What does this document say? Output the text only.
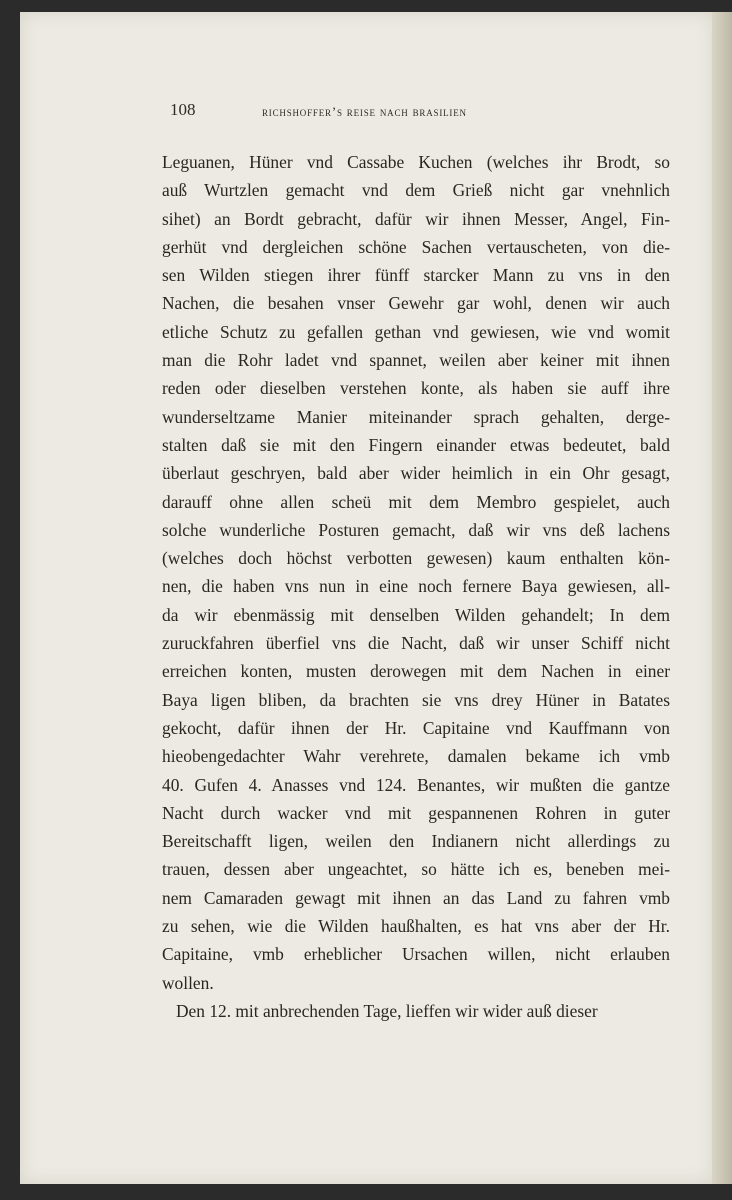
108	richshoffer’s reise nach brasilien
Leguanen, Hüner vnd Cassabe Kuchen (welches ihr Brodt, so
auß Wurtzlen gemacht vnd dem Grieß nicht gar vnehnlich
sihet) an Bordt gebracht, dafür wir ihnen Messer, Angel, Fin-
gerhüt vnd dergleichen schöne Sachen vertauscheten, von die-
sen Wilden stiegen ihrer fünff starcker Mann zu vns in den
Nachen, die besahen vnser Gewehr gar wohl, denen wir auch
etliche Schutz zu gefallen gethan vnd gewiesen, wie vnd womit
man die Rohr ladet vnd spannet, weilen aber keiner mit ihnen
reden oder dieselben verstehen konte, als haben sie auff ihre
wunderseltzame Manier miteinander sprach gehalten, derge-
stalten daß sie mit den Fingern einander etwas bedeutet, bald
überlaut geschryen, bald aber wider heimlich in ein Ohr gesagt,
darauff ohne allen scheü mit dem Membro gespielet, auch
solche wunderliche Posturen gemacht, daß wir vns deß lachens
(welches doch höchst verbotten gewesen) kaum enthalten kön-
nen, die haben vns nun in eine noch fernere Baya gewiesen, all-
da wir ebenmässig mit denselben Wilden gehandelt; In dem
zuruckfahren überfiel vns die Nacht, daß wir unser Schiff nicht
erreichen konten, musten derowegen mit dem Nachen in einer
Baya ligen bliben, da brachten sie vns drey Hüner in Batates
gekocht, dafür ihnen der Hr. Capitaine vnd Kauffmann von
hieobengedachter Wahr verehrete, damalen bekame ich vmb
40. Gufen 4. Anasses vnd 124. Benantes, wir mußten die gantze
Nacht durch wacker vnd mit gespannenen Rohren in guter
Bereitschafft ligen, weilen den Indianern nicht allerdings zu
trauen, dessen aber ungeachtet, so hätte ich es, beneben mei-
nem Camaraden gewagt mit ihnen an das Land zu fahren vmb
zu sehen, wie die Wilden haußhalten, es hat vns aber der Hr.
Capitaine, vmb erheblicher Ursachen willen, nicht erlauben
wollen.
Den 12. mit anbrechenden Tage, lieffen wir wider auß dieser
